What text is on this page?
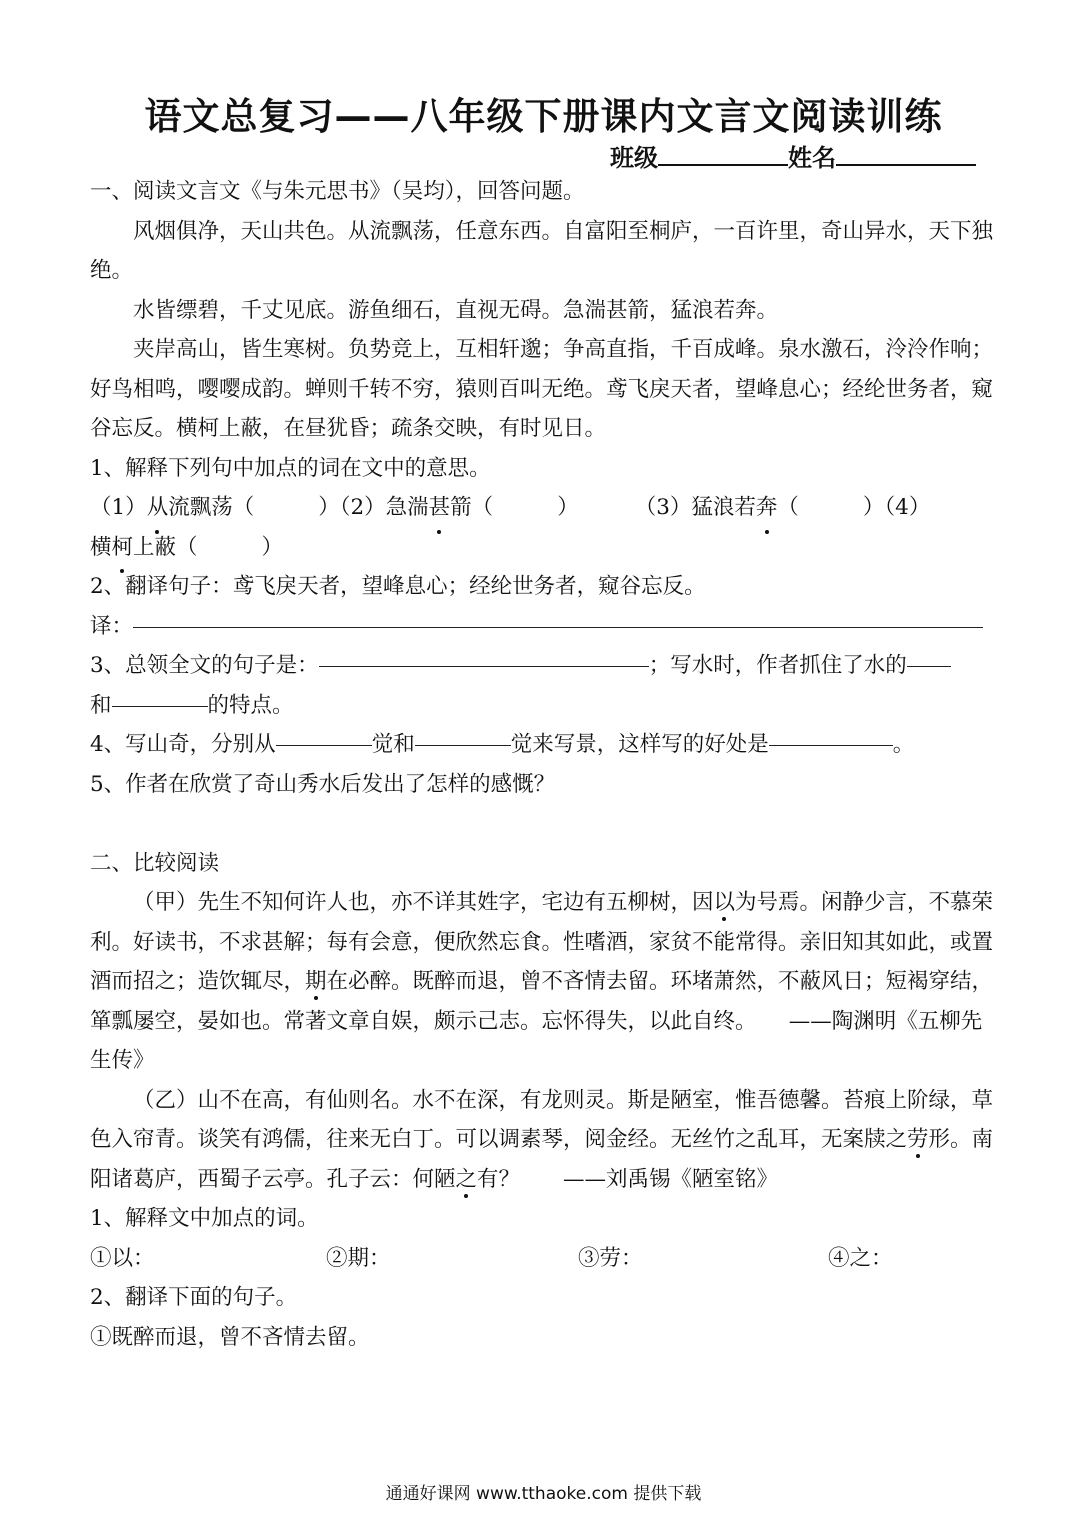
语文总复习——八年级下册课内文言文阅读训练
班级	姓名

一、阅读文言文《与朱元思书》（吴均），回答问题。

风烟俱净，天山共色。从流飘荡，任意东西。自富阳至桐庐，一百许里，奇山异水，天下独绝。

水皆缥碧，千丈见底。游鱼细石，直视无碍。急湍甚箭，猛浪若奔。

夹岸高山，皆生寒树。负势竞上，互相轩邈；争高直指，千百成峰。泉水激石，泠泠作响；好鸟相鸣，嘤嘤成韵。蝉则千转不穷，猿则百叫无绝。鸢飞戾天者，望峰息心；经纶世务者，窥谷忘反。横柯上蔽，在昼犹昏；疏条交映，有时见日。

1、解释下列句中加点的词在文中的意思。

（1） 从 流飘荡（	）（2）急湍 甚 箭（	）	（3）猛浪若 奔 （	）（4）
横 柯 上蔽（	）

2、翻译句子：鸢飞戾天者，望峰息心；经纶世务者，窥谷忘反。

译：
3、总领全文的句子是：	；写水时，作者抓住了水的
和	的特点。
4、写山奇，分别从	觉和	觉来写景，这样写的好处是	。

5、作者在欣赏了奇山秀水后发出了怎样的感慨？

二、比较阅读

（甲）先生不知何许人也，亦不详其姓字，宅边有五柳树，因以为号焉。闲静少言，不慕荣利。好读书，不求甚解；每有会意，便欣然忘食。性嗜酒，家贫不能常得。亲旧知其如此，或置酒而招之；造饮辄尽，期在必醉。既醉而退，曾不吝情去留。环堵萧然，不蔽风日；短褐穿结，箪瓢屡空，晏如也。常著文章自娱，颇示己志。忘怀得失，以此自终。　　——陶渊明《五柳先生传》

（乙）山不在高，有仙则名。水不在深，有龙则灵。斯是陋室，惟吾德馨。苔痕上阶绿，草色入帘青。谈笑有鸿儒，往来无白丁。可以调素琴，阅金经。无丝竹之乱耳，无案牍之劳形。南阳诸葛庐，西蜀子云亭。孔子云：何陋之有？　　——刘禹锡《陋室铭》

1、解释文中加点的词。

①以：	②期：	③劳：	④之：

2、翻译下面的句子。

①既醉而退，曾不吝情去留。

通通好课网 www.tthaoke.com 提供下载
